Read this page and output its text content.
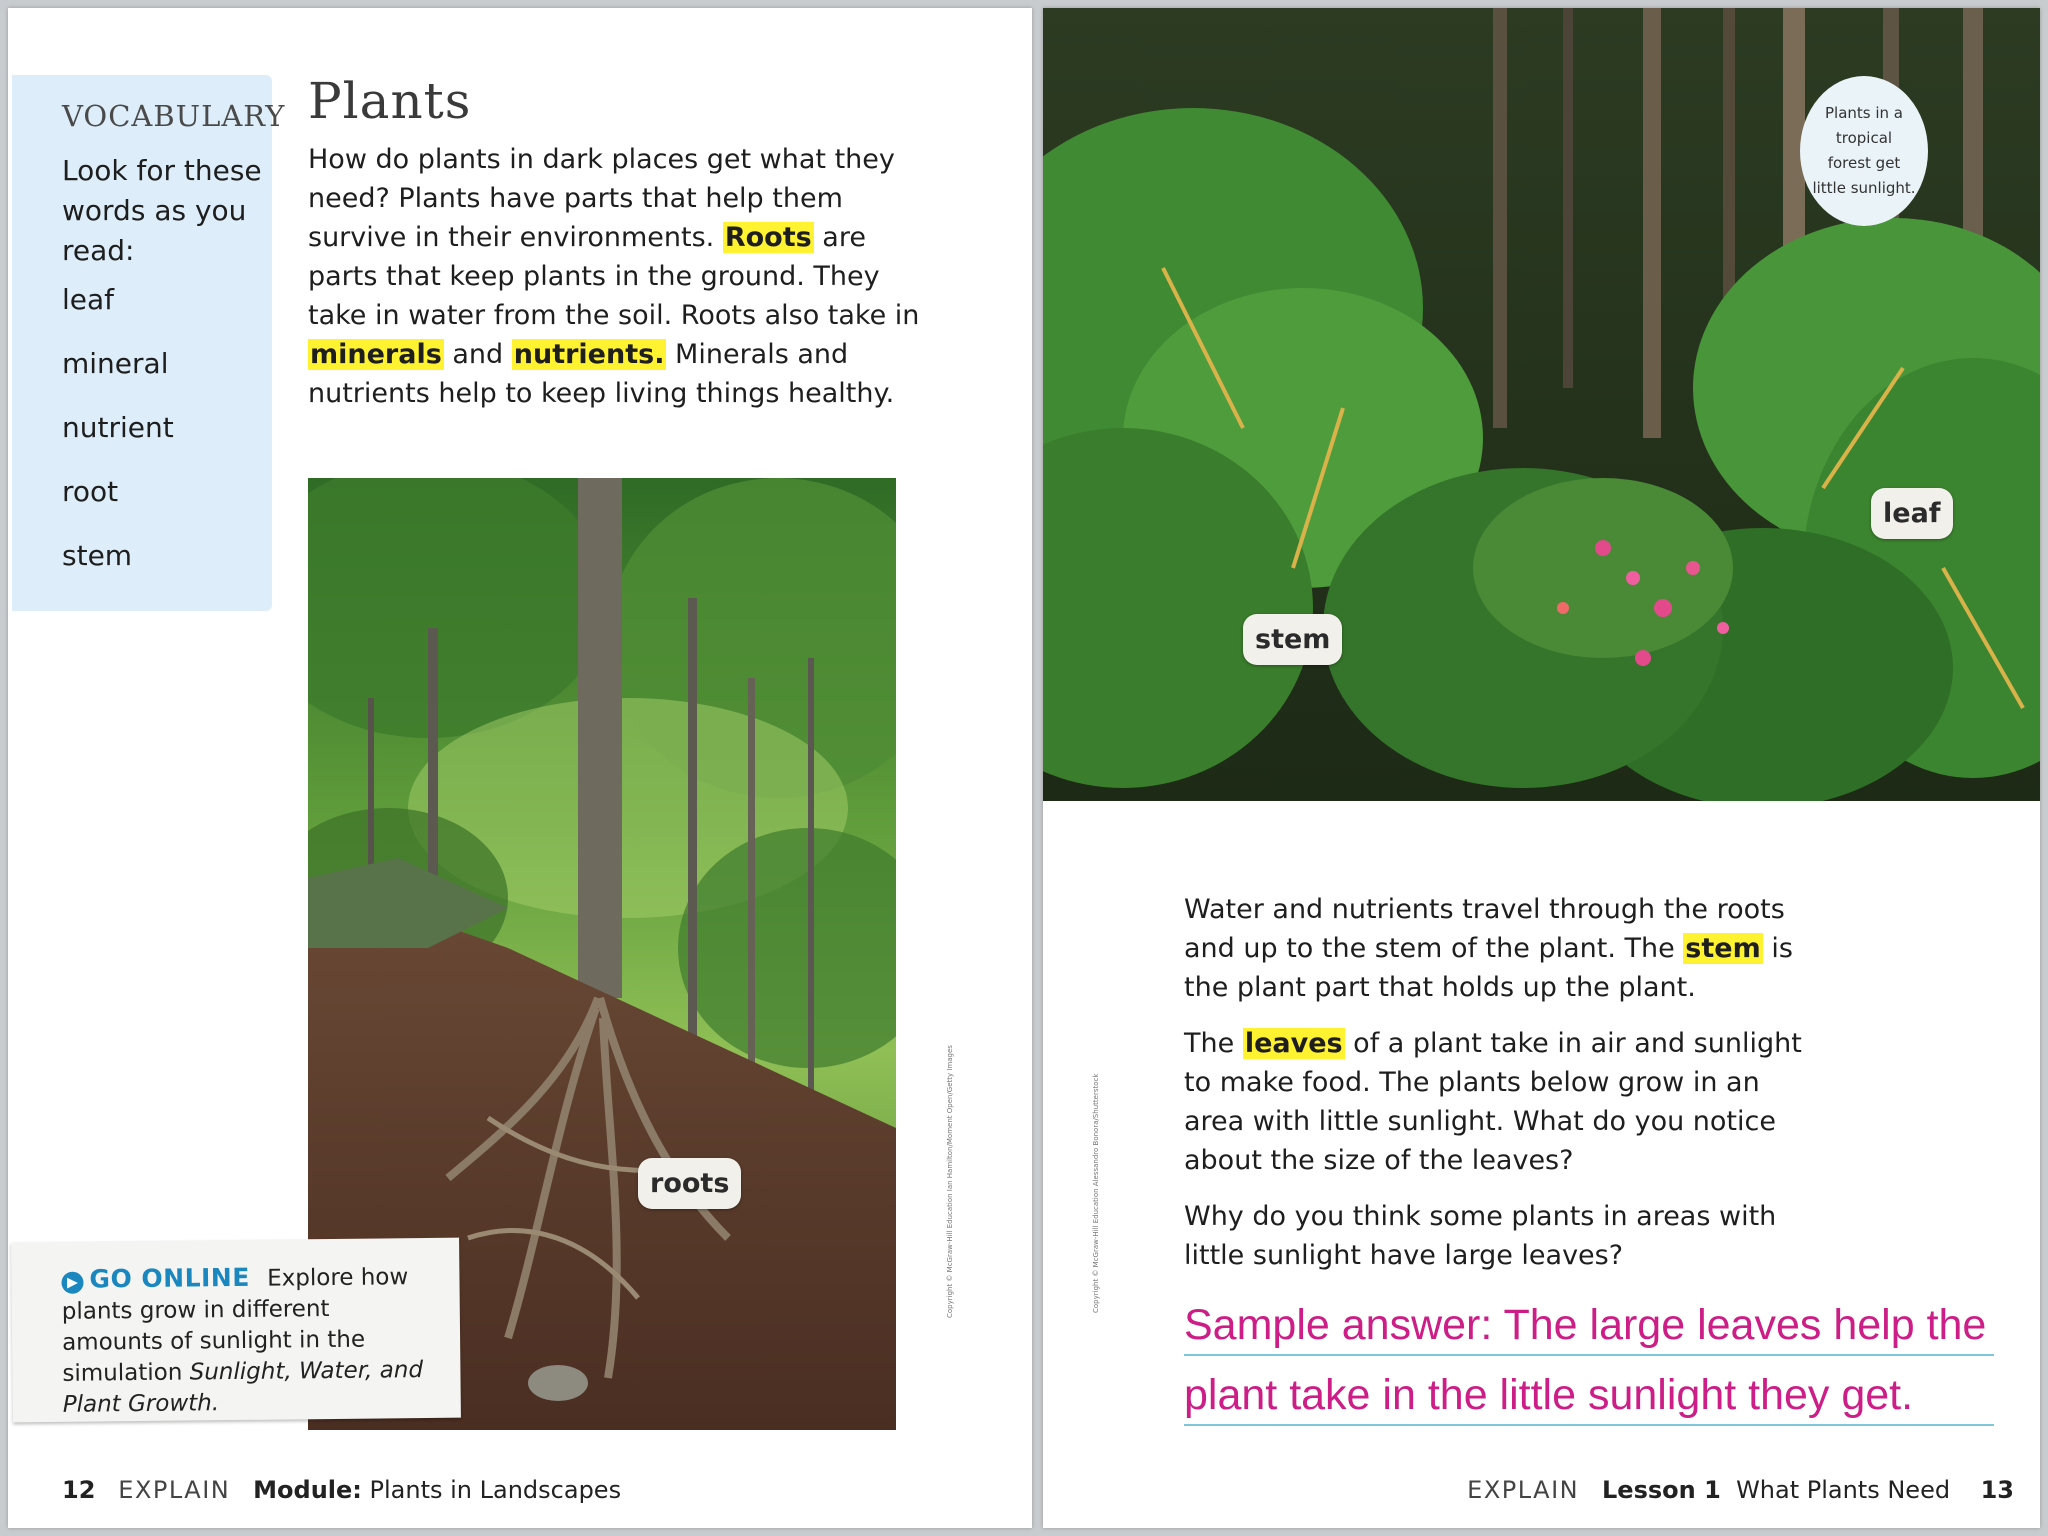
VOCABULARY
Look for these words as you read:
leaf
mineral
nutrient
root
stem
Plants

How do plants in dark places get what they need? Plants have parts that help them survive in their environments. Roots are parts that keep plants in the ground. They take in water from the soil. Roots also take in minerals and nutrients. Minerals and nutrients help to keep living things healthy.

roots
▶ GO ONLINE Explore how plants grow in different amounts of sunlight in the simulation Sunlight, Water, and Plant Growth.
Copyright © McGraw-Hill Education Ian Hamilton/Moment Open/Getty Images
12 EXPLAIN Module: Plants in Landscapes
Plants in a tropical forest get little sunlight.
leaf
stem

Water and nutrients travel through the roots and up to the stem of the plant. The stem is the plant part that holds up the plant.

The leaves of a plant take in air and sunlight to make food. The plants below grow in an area with little sunlight. What do you notice about the size of the leaves?

Why do you think some plants in areas with little sunlight have large leaves?

Sample answer: The large leaves help the plant take in the little sunlight they get.
Copyright © McGraw-Hill Education Alessandro Bonora/Shutterstock
EXPLAIN Lesson 1 What Plants Need 13
